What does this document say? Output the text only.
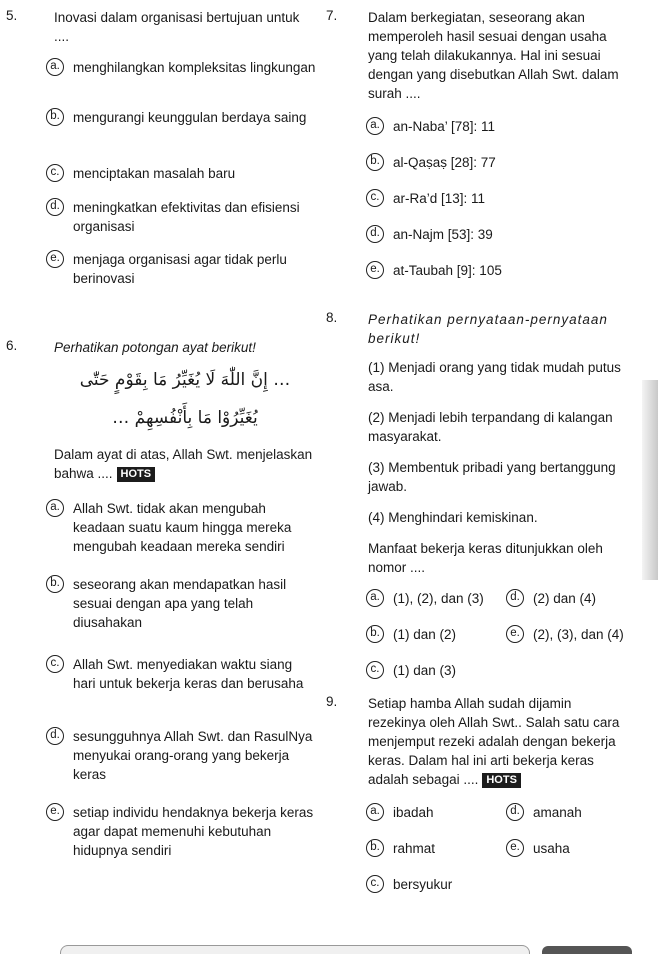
5.	Inovasi dalam organisasi bertujuan untuk ....
a. menghilangkan kompleksitas lingkungan
b. mengurangi keunggulan berdaya saing
c.	menciptakan masalah baru
d. meningkatkan efektivitas dan efisiensi organisasi
e. menjaga organisasi agar tidak perlu berinovasi
6.	Perhatikan potongan ayat berikut!
… إِنَّ اللّٰهَ لَا يُغَيِّرُ مَا بِقَوْمٍ حَتّٰى
يُغَيِّرُوْا مَا بِأَنْفُسِهِمْ …
Dalam ayat di atas, Allah Swt. menjelaskan bahwa .... HOTS
a. Allah Swt. tidak akan mengubah keadaan suatu kaum hingga mereka mengubah keadaan mereka sendiri
b. seseorang akan mendapatkan hasil sesuai dengan apa yang telah diusahakan
c.	Allah Swt. menyediakan waktu siang hari untuk bekerja keras dan berusaha
d. sesungguhnya Allah Swt. dan RasulNya menyukai orang-orang yang bekerja keras
e. setiap individu hendaknya bekerja keras agar dapat memenuhi kebutuhan hidupnya sendiri
7. Dalam berkegiatan, seseorang akan memperoleh hasil sesuai dengan usaha yang telah dilakukannya. Hal ini sesuai dengan yang disebutkan Allah Swt. dalam surah ....
a. an-Naba’ [78]: 11
b. al-Qaṣaṣ [28]: 77
c.	ar-Ra’d [13]: 11
d. an-Najm [53]: 39
e. at-Taubah [9]: 105
8. Perhatikan pernyataan-pernyataan berikut!
(1) Menjadi orang yang tidak mudah putus asa.
(2) Menjadi lebih terpandang di kalangan masyarakat.
(3) Membentuk pribadi yang bertanggung jawab.
(4) Menghindari kemiskinan.
Manfaat bekerja keras ditunjukkan oleh nomor ....
a. (1), (2), dan (3)	d. (2) dan (4)
b. (1) dan (2)	e. (2), (3), dan (4)
c.	(1) dan (3)
9. Setiap hamba Allah sudah dijamin rezekinya oleh Allah Swt.. Salah satu cara menjemput rezeki adalah dengan bekerja keras. Dalam hal ini arti bekerja keras adalah sebagai .... HOTS
a. ibadah	d. amanah
b. rahmat	e. usaha
c.	bersyukur
